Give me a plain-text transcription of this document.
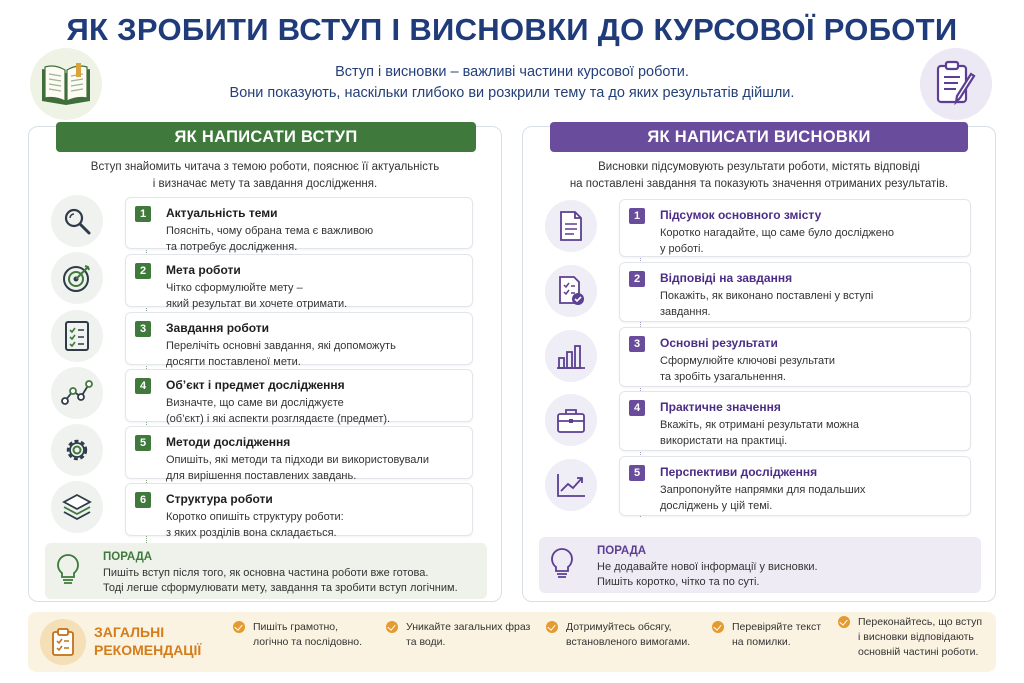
ЯК ЗРОБИТИ ВСТУП І ВИСНОВКИ ДО КУРСОВОЇ РОБОТИ
Вступ і висновки – важливі частини курсової роботи.
Вони показують, наскільки глибоко ви розкрили тему та до яких результатів дійшли.
ЯК НАПИСАТИ ВСТУП
Вступ знайомить читача з темою роботи, пояснює її актуальність
і визначає мету та завдання дослідження.
1	Актуальність теми
Поясніть, чому обрана тема є важливою
та потребує дослідження.
2	Мета роботи
Чітко сформулюйте мету –
який результат ви хочете отримати.
3	Завдання роботи
Перелічіть основні завдання, які допоможуть
досягти поставленої мети.
4	Об’єкт і предмет дослідження
Визначте, що саме ви досліджуєте
(об’єкт) і які аспекти розглядаєте (предмет).
5	Методи дослідження
Опишіть, які методи та підходи ви використовували
для вирішення поставлених завдань.
6	Структура роботи
Коротко опишіть структуру роботи:
з яких розділів вона складається.
ПОРАДА
Пишіть вступ після того, як основна частина роботи вже готова.
Тоді легше сформулювати мету, завдання та зробити вступ логічним.
ЯК НАПИСАТИ ВИСНОВКИ
Висновки підсумовують результати роботи, містять відповіді
на поставлені завдання та показують значення отриманих результатів.
1	Підсумок основного змісту
Коротко нагадайте, що саме було досліджено
у роботі.
2	Відповіді на завдання
Покажіть, як виконано поставлені у вступі
завдання.
3	Основні результати
Сформулюйте ключові результати
та зробіть узагальнення.
4	Практичне значення
Вкажіть, як отримані результати можна
використати на практиці.
5	Перспективи дослідження
Запропонуйте напрямки для подальших
досліджень у цій темі.
ПОРАДА
Не додавайте нової інформації у висновки.
Пишіть коротко, чітко та по суті.
ЗАГАЛЬНІ
РЕКОМЕНДАЦІЇ
Пишіть грамотно,
логічно та послідовно.
Уникайте загальних фраз
та води.
Дотримуйтесь обсягу,
встановленого вимогами.
Перевіряйте текст
на помилки.
Переконайтесь, що вступ
і висновки відповідають
основній частині роботи.
